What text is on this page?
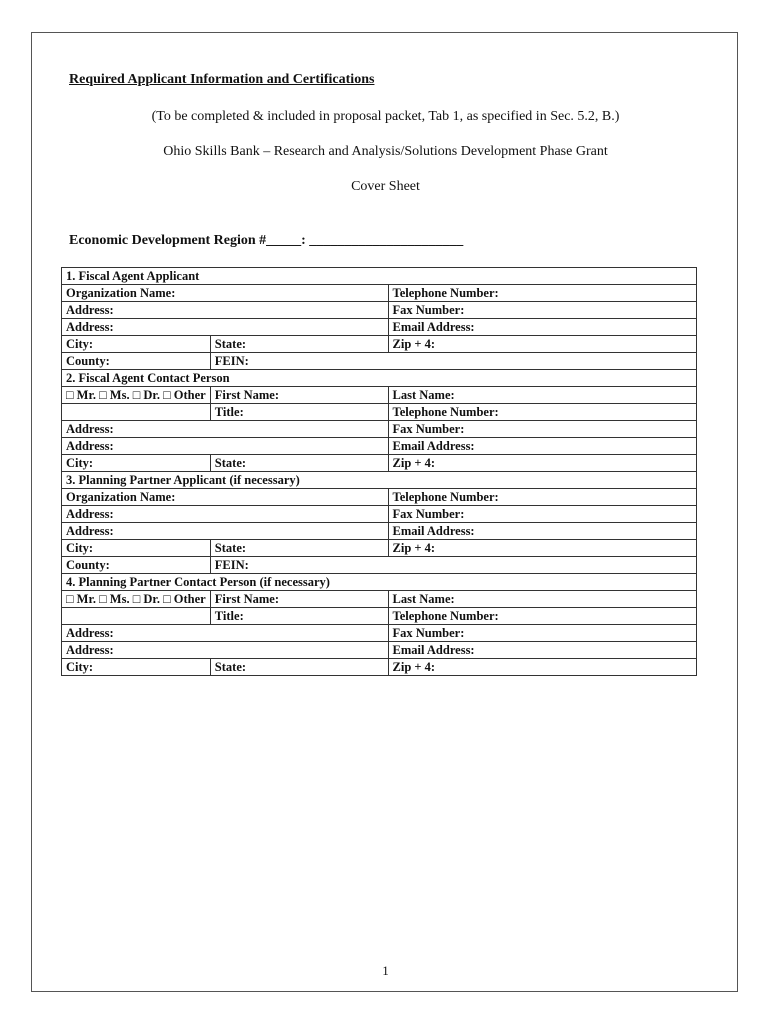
Required Applicant Information and Certifications
(To be completed & included in proposal packet, Tab 1, as specified in Sec. 5.2, B.)
Ohio Skills Bank – Research and Analysis/Solutions Development Phase Grant
Cover Sheet
Economic Development Region #_____: ______________________
1. Fiscal Agent Applicant		
Organization Name:		Telephone Number:
Address:		Fax Number:
Address:		Email Address:
City:	State:	Zip + 4:
County:	FEIN:	
2. Fiscal Agent Contact Person		
□ Mr. □ Ms. □ Dr. □ Other	First Name:	Last Name:
	Title:	Telephone Number:
Address:		Fax Number:
Address:		Email Address:
City:	State:	Zip + 4:
3. Planning Partner Applicant (if necessary)		
Organization Name:		Telephone Number:
Address:		Fax Number:
Address:		Email Address:
City:	State:	Zip + 4:
County:	FEIN:	
4. Planning Partner Contact Person (if necessary)		
□ Mr. □ Ms. □ Dr. □ Other	First Name:	Last Name:
	Title:	Telephone Number:
Address:		Fax Number:
Address:		Email Address:
City:	State:	Zip + 4:
1
